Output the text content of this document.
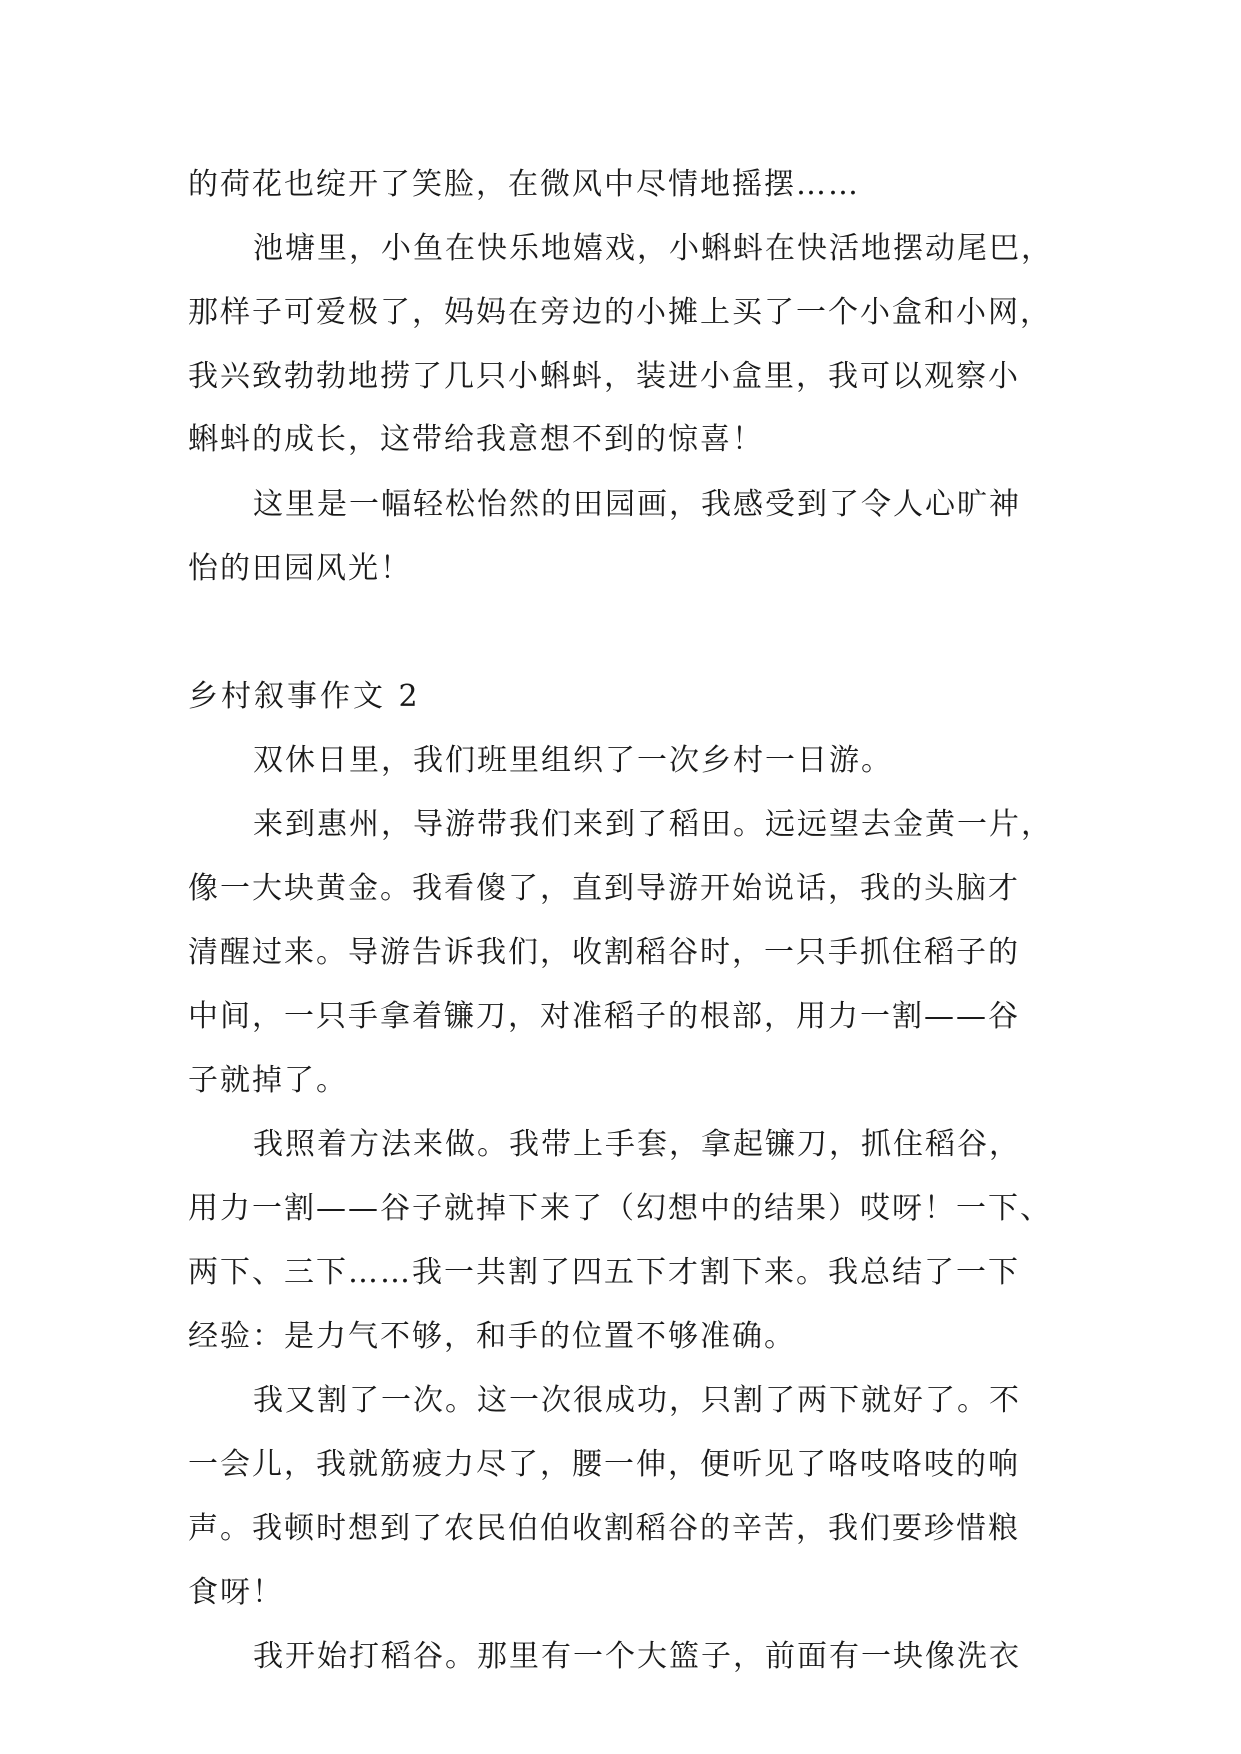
的荷花也绽开了笑脸，在微风中尽情地摇摆……
池塘里，小鱼在快乐地嬉戏，小蝌蚪在快活地摆动尾巴，
那样子可爱极了，妈妈在旁边的小摊上买了一个小盒和小网，
我兴致勃勃地捞了几只小蝌蚪，装进小盒里，我可以观察小
蝌蚪的成长，这带给我意想不到的惊喜！
这里是一幅轻松怡然的田园画，我感受到了令人心旷神
怡的田园风光！
乡村叙事作文 2
双休日里，我们班里组织了一次乡村一日游。
来到惠州，导游带我们来到了稻田。远远望去金黄一片，
像一大块黄金。我看傻了，直到导游开始说话，我的头脑才
清醒过来。导游告诉我们，收割稻谷时，一只手抓住稻子的
中间，一只手拿着镰刀，对准稻子的根部，用力一割——谷
子就掉了。
我照着方法来做。我带上手套，拿起镰刀，抓住稻谷，
用力一割——谷子就掉下来了（幻想中的结果）哎呀！一下、
两下、三下……我一共割了四五下才割下来。我总结了一下
经验：是力气不够，和手的位置不够准确。
我又割了一次。这一次很成功，只割了两下就好了。不
一会儿，我就筋疲力尽了，腰一伸，便听见了咯吱咯吱的响
声。我顿时想到了农民伯伯收割稻谷的辛苦，我们要珍惜粮
食呀！
我开始打稻谷。那里有一个大篮子，前面有一块像洗衣
